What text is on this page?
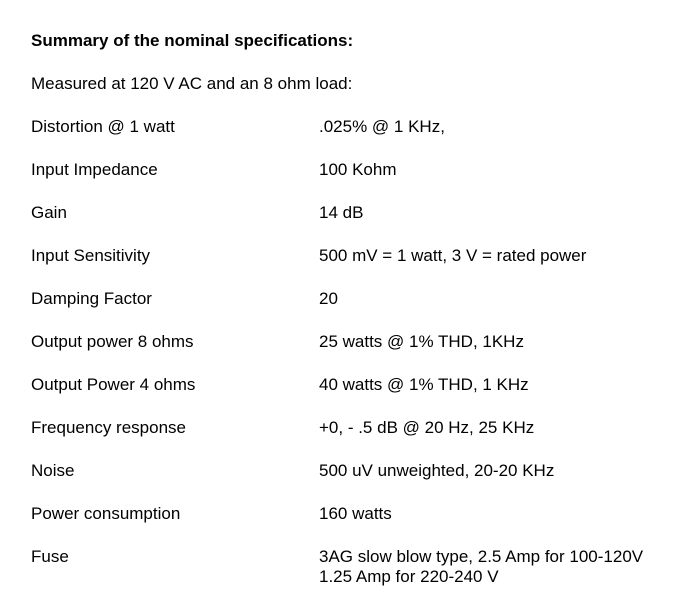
Summary of the nominal specifications:
Measured at 120 V AC and an 8 ohm load:
Distortion @ 1 watt	.025% @ 1 KHz,
Input Impedance	100 Kohm
Gain	14 dB
Input Sensitivity	500 mV = 1 watt, 3 V = rated power
Damping Factor	20
Output power 8 ohms	25 watts @ 1% THD, 1KHz
Output Power 4 ohms	40 watts @ 1% THD, 1 KHz
Frequency response	+0, - .5 dB @ 20 Hz, 25 KHz
Noise	500 uV unweighted, 20-20 KHz
Power consumption	160 watts
Fuse	3AG slow blow type, 2.5 Amp for 100-120V
1.25 Amp for 220-240 V
